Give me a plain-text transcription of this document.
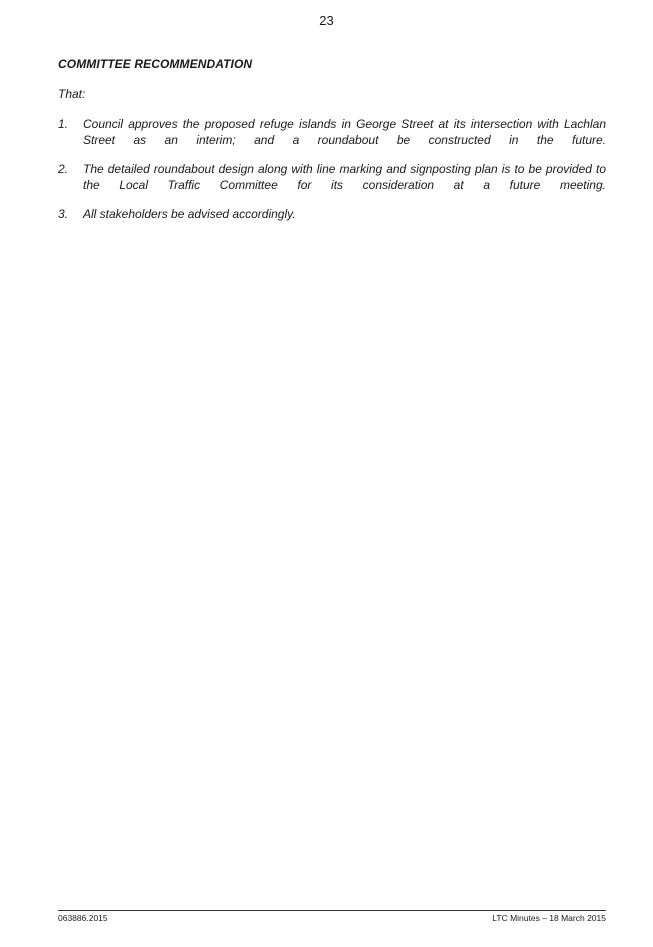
23
COMMITTEE RECOMMENDATION
That:
1.	Council approves the proposed refuge islands in George Street at its intersection with Lachlan Street as an interim; and a roundabout be constructed in the future.
2.	The detailed roundabout design along with line marking and signposting plan is to be provided to the Local Traffic Committee for its consideration at a future meeting.
3.	All stakeholders be advised accordingly.
063886.2015	LTC Minutes – 18 March 2015
